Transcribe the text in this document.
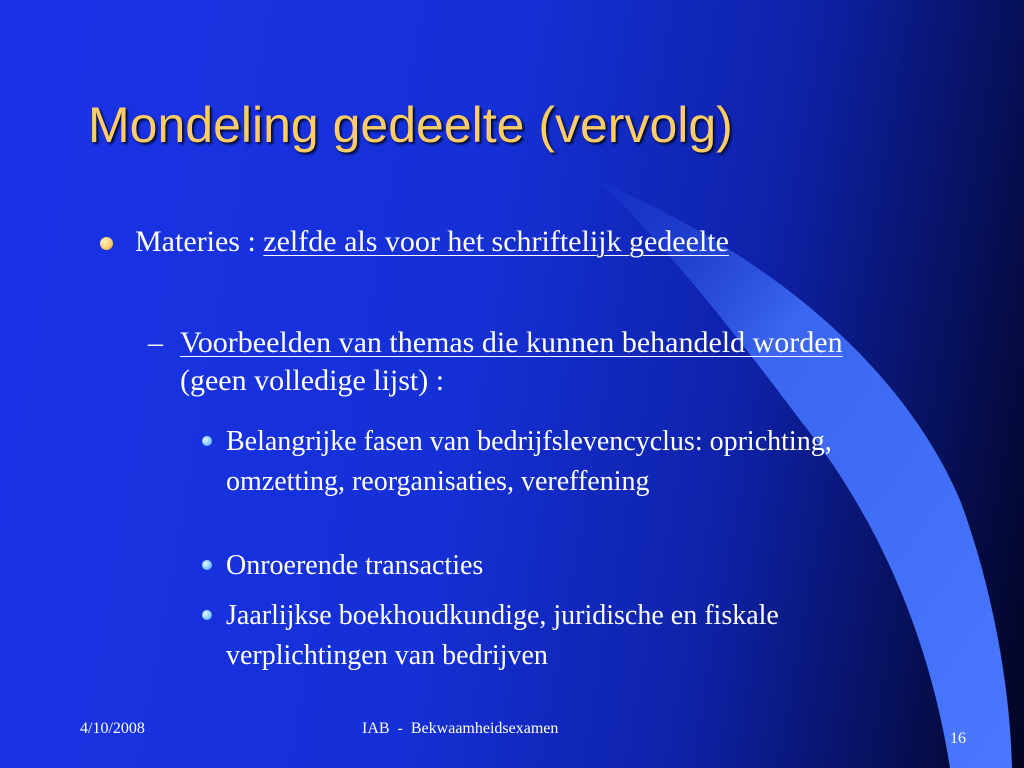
Mondeling gedeelte (vervolg)
Materies : zelfde als voor het schriftelijk gedeelte
– Voorbeelden van themas die kunnen behandeld worden (geen volledige lijst) :
Belangrijke fasen van bedrijfslevencyclus: oprichting, omzetting, reorganisaties, vereffening
Onroerende transacties
Jaarlijkse boekhoudkundige, juridische en fiskale verplichtingen van bedrijven
4/10/2008	IAB  -  Bekwaamheidsexamen
16
